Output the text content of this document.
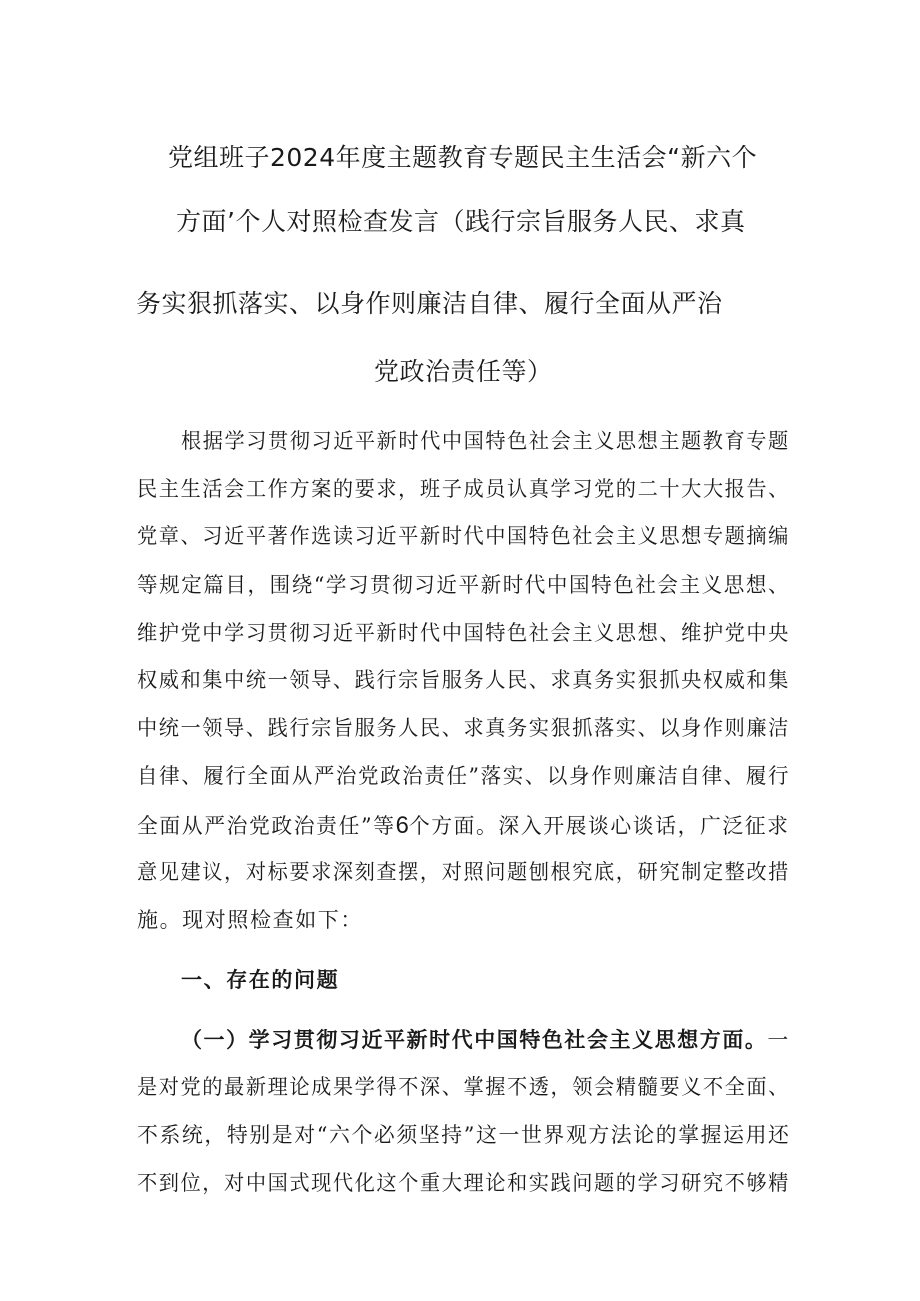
党组班子2024年度主题教育专题民主生活会“新六个
方面’个人对照检查发言（践行宗旨服务人民、求真
务实狠抓落实、以身作则廉洁自律、履行全面从严治
党政治责任等）
根据学习贯彻习近平新时代中国特色社会主义思想主题教育专题
民主生活会工作方案的要求，班子成员认真学习党的二十大大报告、
党章、习近平著作选读习近平新时代中国特色社会主义思想专题摘编
等规定篇目，围绕“学习贯彻习近平新时代中国特色社会主义思想、
维护党中学习贯彻习近平新时代中国特色社会主义思想、维护党中央
权威和集中统一领导、践行宗旨服务人民、求真务实狠抓央权威和集
中统一领导、践行宗旨服务人民、求真务实狠抓落实、以身作则廉洁
自律、履行全面从严治党政治责任”落实、以身作则廉洁自律、履行
全面从严治党政治责任”等6个方面。深入开展谈心谈话，广泛征求
意见建议，对标要求深刻查摆，对照问题刨根究底，研究制定整改措
施。现对照检查如下：
一、存在的问题
（一）学习贯彻习近平新时代中国特色社会主义思想方面。一
是对党的最新理论成果学得不深、掌握不透，领会精髓要义不全面、
不系统，特别是对“六个必须坚持”这一世界观方法论的掌握运用还
不到位，对中国式现代化这个重大理论和实践问题的学习研究不够精
